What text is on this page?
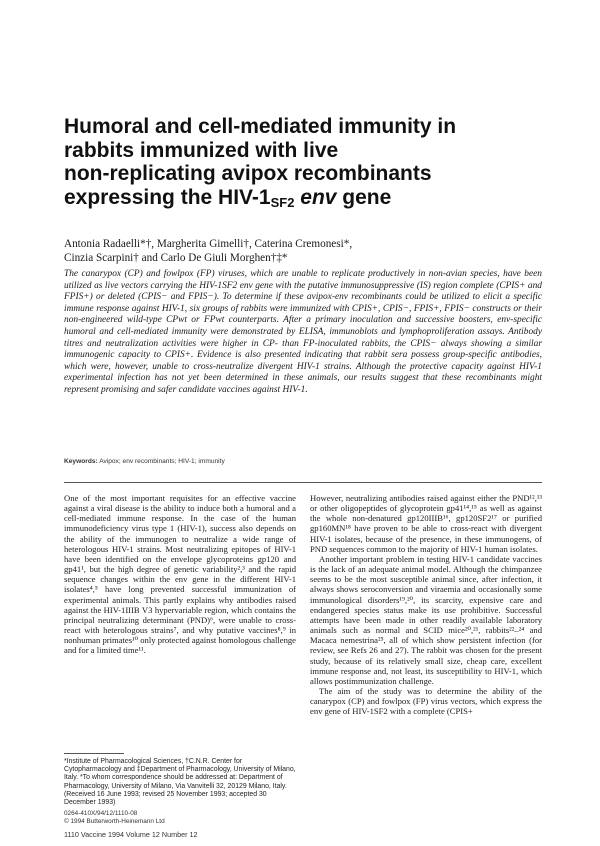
Humoral and cell-mediated immunity in
rabbits immunized with live
non-replicating avipox recombinants
expressing the HIV-$1_{SF2}$ env gene
Antonia Radaelli*†, Margherita Gimelli†, Caterina Cremonesi*,
Cinzia Scarpini† and Carlo De Giuli Morghen†‡*
The canarypox (CP) and fowlpox (FP) viruses, which are unable to replicate productively in non-avian species, have been utilized as live vectors carrying the HIV-1SF2 env gene with the putative immunosuppressive (IS) region complete (CPIS+ and FPIS+) or deleted (CPIS− and FPIS−). To determine if these avipox-env recombinants could be utilized to elicit a specific immune response against HIV-1, six groups of rabbits were immunized with CPIS+, CPIS−, FPIS+, FPIS− constructs or their non-engineered wild-type CPwt or FPwt counterparts. After a primary inoculation and successive boosters, env-specific humoral and cell-mediated immunity were demonstrated by ELISA, immunoblots and lymphoproliferation assays. Antibody titres and neutralization activities were higher in CP- than FP-inoculated rabbits, the CPIS− always showing a similar immunogenic capacity to CPIS+. Evidence is also presented indicating that rabbit sera possess group-specific antibodies, which were, however, unable to cross-neutralize divergent HIV-1 strains. Although the protective capacity against HIV-1 experimental infection has not yet been determined in these animals, our results suggest that these recombinants might represent promising and safer candidate vaccines against HIV-1.
Keywords: Avipox; env recombinants; HIV-1; immunity

One of the most important requisites for an effective vaccine against a viral disease is the ability to induce both a humoral and a cell-mediated immune response. In the case of the human immunodeficiency virus type 1 (HIV-1), success also depends on the ability of the immunogen to neutralize a wide range of heterologous HIV-1 strains. Most neutralizing epitopes of HIV-1 have been identified on the envelope glycoproteins gp120 and gp41¹, but the high degree of genetic variability²,³ and the rapid sequence changes within the env gene in the different HIV-1 isolates⁴,⁵ have long prevented successful immunization of experimental animals. This partly explains why antibodies raised against the HIV-1IIIB V3 hypervariable region, which contains the principal neutralizing determinant (PND)⁶, were unable to cross-react with heterologous strains⁷, and why putative vaccines⁸,⁹ in nonhuman primates¹⁰ only protected against homologous challenge and for a limited time¹¹.

However, neutralizing antibodies raised against either the PND¹²,¹³ or other oligopeptides of glycoprotein gp41¹⁴,¹⁵ as well as against the whole non-denatured gp120IIIB¹⁶, gp120SF2¹⁷ or purified gp160MN¹⁸ have proven to be able to cross-react with divergent HIV-1 isolates, because of the presence, in these immunogens, of PND sequences common to the majority of HIV-1 human isolates.

Another important problem in testing HIV-1 candidate vaccines is the lack of an adequate animal model. Although the chimpanzee seems to be the most susceptible animal since, after infection, it always shows seroconversion and viraemia and occasionally some immunological disorders¹⁹,²⁰, its scarcity, expensive care and endangered species status make its use prohibitive. Successful attempts have been made in other readily available laboratory animals such as normal and SCID mice²⁰,²¹, rabbits²²–²⁴ and Macaca nemestrina²⁵, all of which show persistent infection (for review, see Refs 26 and 27). The rabbit was chosen for the present study, because of its relatively small size, cheap care, excellent immune response and, not least, its susceptibility to HIV-1, which allows postimmunization challenge.

The aim of the study was to determine the ability of the canarypox (CP) and fowlpox (FP) virus vectors, which express the env gene of HIV-1SF2 with a complete (CPIS+

*Institute of Pharmacological Sciences, †C.N.R. Center for Cytopharmacology and ‡Department of Pharmacology, University of Milano, Italy. *To whom correspondence should be addressed at: Department of Pharmacology, University of Milano, Via Vanvitelli 32, 20129 Milano, Italy. (Received 16 June 1993; revised 25 November 1993; accepted 30 December 1993)
0264-410X/94/12/1110-08
© 1994 Butterworth-Heinemann Ltd
1110 Vaccine 1994 Volume 12 Number 12
